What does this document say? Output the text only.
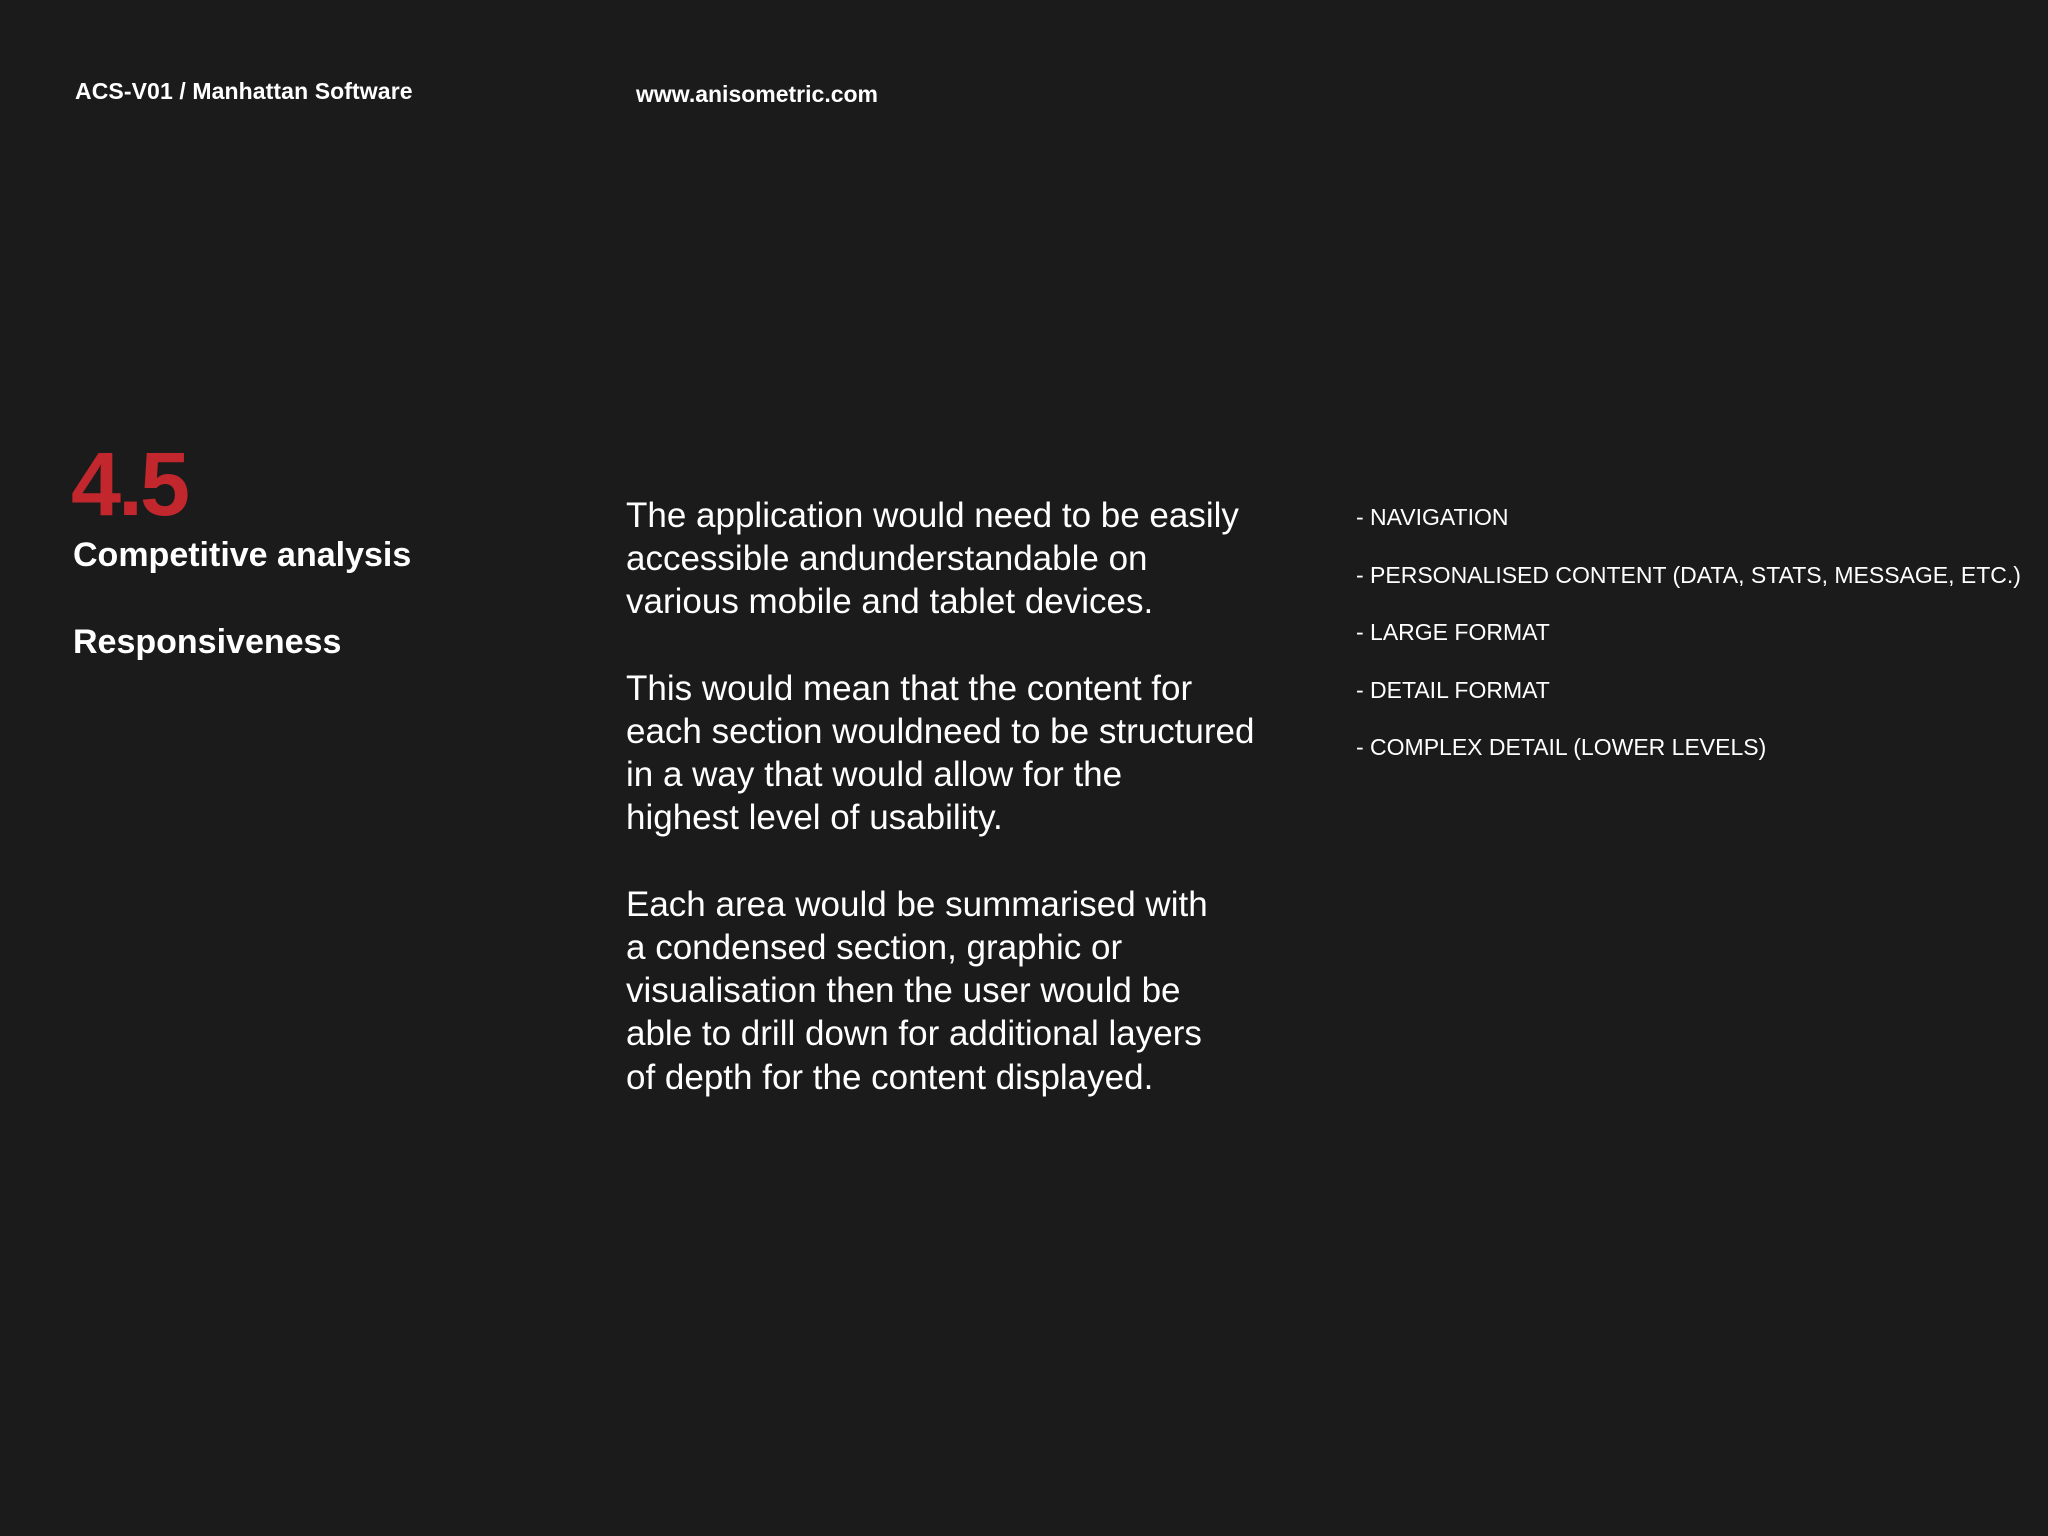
ACS-V01 / Manhattan Software	www.anisometric.com
4.5
Competitive analysis
Responsiveness

The application would need to be easily
accessible andunderstandable on
various mobile and tablet devices.

This would mean that the content for
each section wouldneed to be structured
in a way that would allow for the
highest level of usability.

Each area would be summarised with
a condensed section, graphic or
visualisation then the user would be
able to drill down for additional layers
of depth for the content displayed.

- NAVIGATION
- PERSONALISED CONTENT (DATA, STATS, MESSAGE, ETC.)
- LARGE FORMAT
- DETAIL FORMAT
- COMPLEX DETAIL (LOWER LEVELS)
